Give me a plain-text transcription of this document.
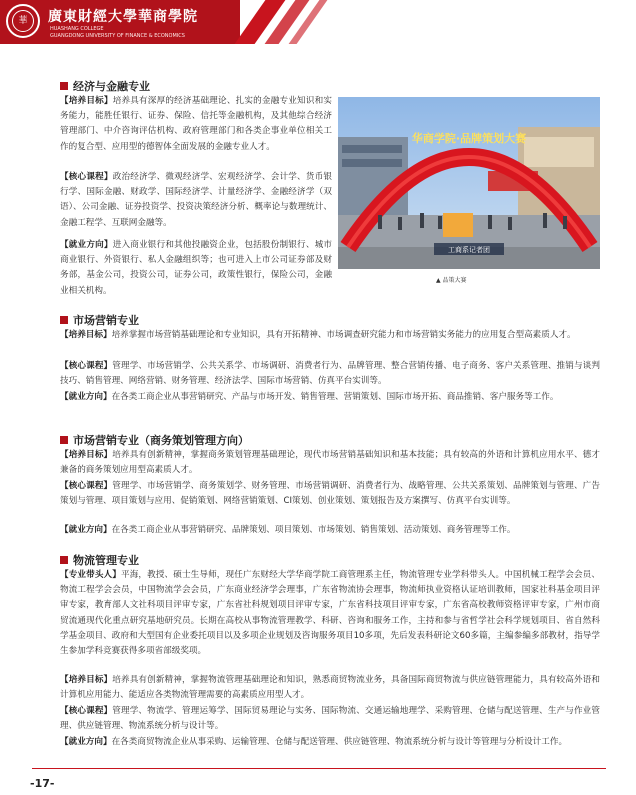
華	廣東財經大學華商學院
HUASHANG COLLEGE
GUANGDONG UNIVERSITY OF FINANCE & ECONOMICS
经济与金融专业
【培养目标】培养具有深厚的经济基础理论、扎实的金融专业知识和实务能力，能胜任银行、证券、保险、信托等金融机构，及其他综合经济管理部门、中介咨询评估机构、政府管理部门和各类企事业单位相关工作的复合型、应用型的德智体全面发展的金融专业人才。
【核心课程】政治经济学、微观经济学、宏观经济学、会计学、货币银行学、国际金融、财政学、国际经济学、计量经济学、金融经济学（双语）、公司金融、证券投资学、投资决策经济分析、概率论与数理统计、金融工程学、互联网金融等。
【就业方向】进入商业银行和其他投融资企业，包括股份制银行、城市商业银行、外资银行、私人金融组织等；也可进入上市公司证券部及财务部，基金公司，投资公司，证券公司，政策性银行，保险公司，金融业相关机构。
华商学院·品牌策划大赛
工商系记者团
▲ 品策大赛
市场营销专业
【培养目标】培养掌握市场营销基础理论和专业知识，具有开拓精神、市场调查研究能力和市场营销实务能力的应用复合型高素质人才。
【核心课程】管理学、市场营销学、公共关系学、市场调研、消费者行为、品牌管理、整合营销传播、电子商务、客户关系管理、推销与谈判技巧、销售管理、网络营销、财务管理、经济法学、国际市场营销、仿真平台实训等。
【就业方向】在各类工商企业从事营销研究、产品与市场开发、销售管理、营销策划、国际市场开拓、商品推销、客户服务等工作。
市场营销专业（商务策划管理方向）
【培养目标】培养具有创新精神，掌握商务策划管理基础理论，现代市场营销基础知识和基本技能；具有较高的外语和计算机应用水平、德才兼备的商务策划应用型高素质人才。
【核心课程】管理学、市场营销学、商务策划学、财务管理、市场营销调研、消费者行为、战略管理、公共关系策划、品牌策划与管理、广告策划与管理、项目策划与应用、促销策划、网络营销策划、CI策划、创业策划、策划报告及方案撰写、仿真平台实训等。
【就业方向】在各类工商企业从事营销研究、品牌策划、项目策划、市场策划、销售策划、活动策划、商务管理等工作。
物流管理专业
【专业带头人】平海，教授、硕士生导师，现任广东财经大学华商学院工商管理系主任，物流管理专业学科带头人。中国机械工程学会会员、物流工程学会会员，中国物流学会会员，广东商业经济学会理事，广东省物流协会理事，物流师执业资格认证培训教师，国家社科基金项目评审专家，教育部人文社科项目评审专家，广东省社科规划项目评审专家，广东省科技项目评审专家，广东省高校教师资格评审专家，广州市商贸流通现代化重点研究基地研究员。长期在高校从事物流管理教学、科研、咨询和服务工作，主持和参与省哲学社会科学规划项目、省自然科学基金项目、政府和大型国有企业委托项目以及多项企业规划及咨询服务项目10多项，先后发表科研论文60多篇，主编参编多部教材，指导学生参加学科竞赛获得多项省部级奖项。
【培养目标】培养具有创新精神，掌握物流管理基础理论和知识，熟悉商贸物流业务，具备国际商贸物流与供应链管理能力，具有较高外语和计算机应用能力、能适应各类物流管理需要的高素质应用型人才。
【核心课程】管理学、物流学、管理运筹学、国际贸易理论与实务、国际物流、交通运输地理学、采购管理、仓储与配送管理、生产与作业管理、供应链管理、物流系统分析与设计等。
【就业方向】在各类商贸物流企业从事采购、运输管理、仓储与配送管理、供应链管理、物流系统分析与设计等管理与分析设计工作。
-17-
